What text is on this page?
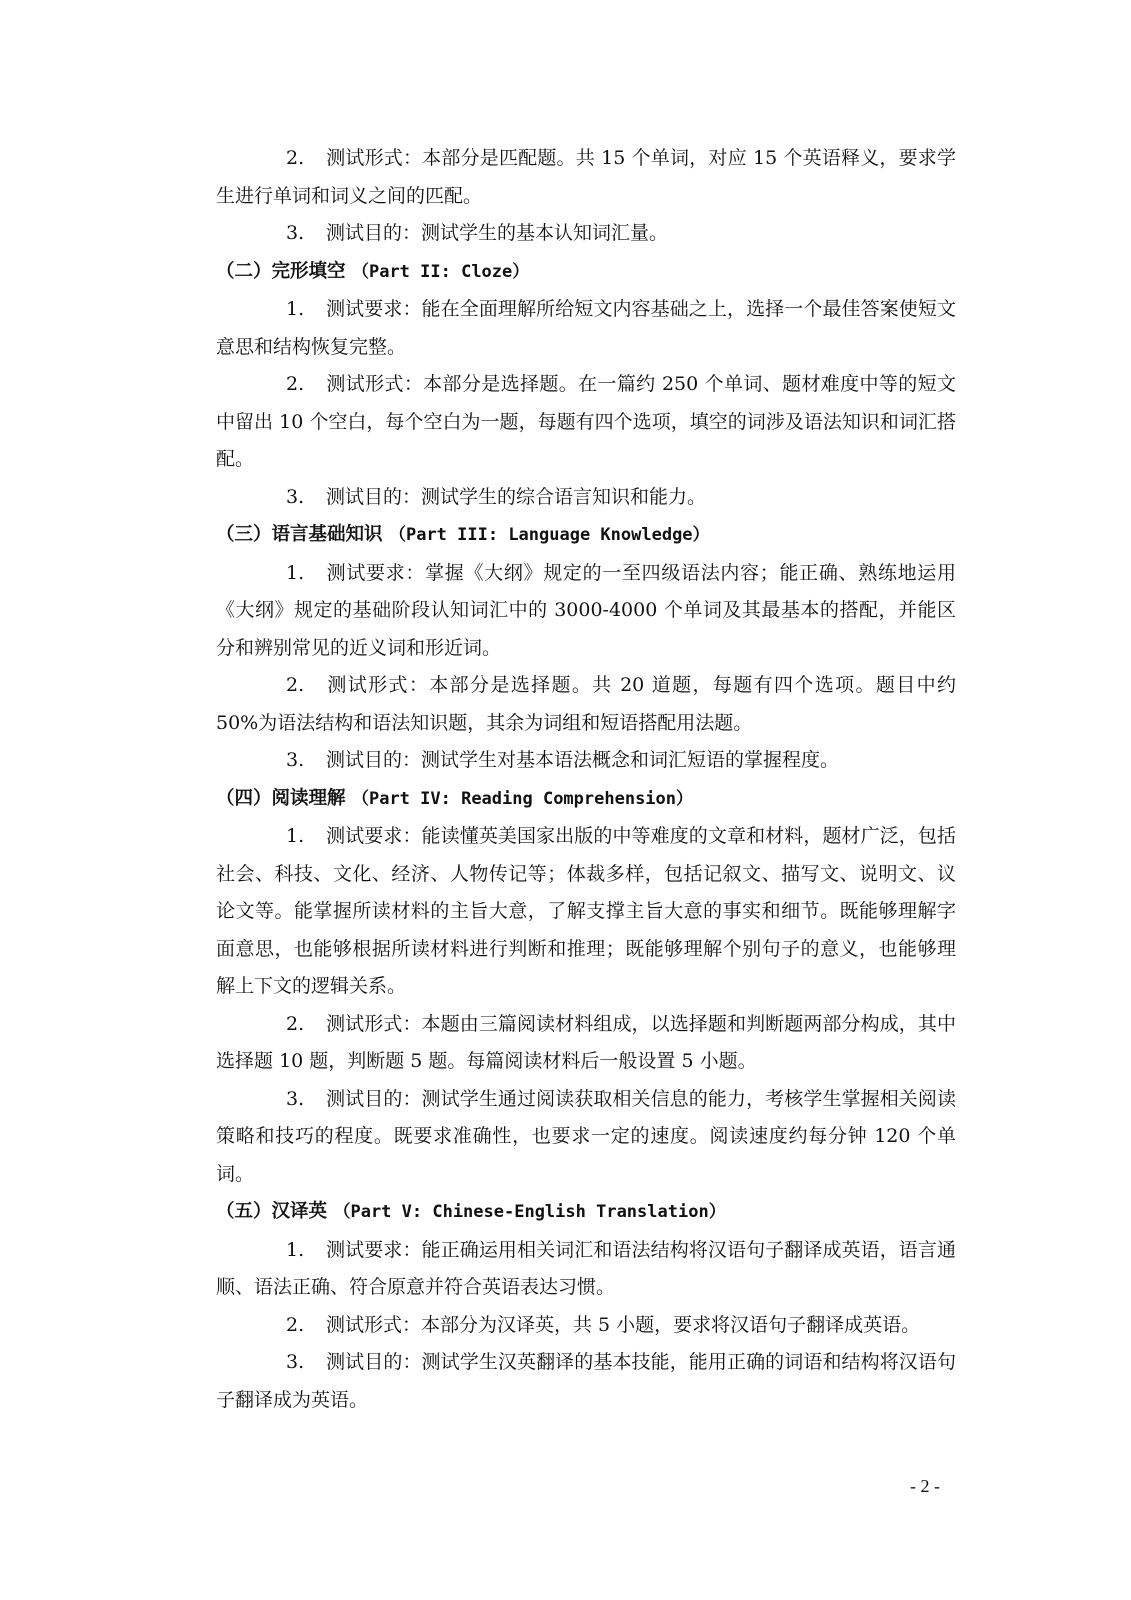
2. 测试形式：本部分是匹配题。共 15 个单词，对应 15 个英语释义，要求学生进行单词和词义之间的匹配。

3. 测试目的：测试学生的基本认知词汇量。

（二）完形填空 （Part II: Cloze）

1. 测试要求：能在全面理解所给短文内容基础之上，选择一个最佳答案使短文意思和结构恢复完整。

2. 测试形式：本部分是选择题。在一篇约 250 个单词、题材难度中等的短文中留出 10 个空白，每个空白为一题，每题有四个选项，填空的词涉及语法知识和词汇搭配。

3. 测试目的：测试学生的综合语言知识和能力。

（三）语言基础知识 （Part III: Language Knowledge）

1. 测试要求：掌握《大纲》规定的一至四级语法内容；能正确、熟练地运用《大纲》规定的基础阶段认知词汇中的 3000-4000 个单词及其最基本的搭配，并能区分和辨别常见的近义词和形近词。

2. 测试形式：本部分是选择题。共 20 道题，每题有四个选项。题目中约 50%为语法结构和语法知识题，其余为词组和短语搭配用法题。

3. 测试目的：测试学生对基本语法概念和词汇短语的掌握程度。

（四）阅读理解 （Part IV: Reading Comprehension）

1. 测试要求：能读懂英美国家出版的中等难度的文章和材料，题材广泛，包括社会、科技、文化、经济、人物传记等；体裁多样，包括记叙文、描写文、说明文、议论文等。能掌握所读材料的主旨大意，了解支撑主旨大意的事实和细节。既能够理解字面意思，也能够根据所读材料进行判断和推理；既能够理解个别句子的意义，也能够理解上下文的逻辑关系。

2. 测试形式：本题由三篇阅读材料组成，以选择题和判断题两部分构成，其中选择题 10 题，判断题 5 题。每篇阅读材料后一般设置 5 小题。

3. 测试目的：测试学生通过阅读获取相关信息的能力，考核学生掌握相关阅读策略和技巧的程度。既要求准确性，也要求一定的速度。阅读速度约每分钟 120 个单词。

（五）汉译英 （Part V: Chinese-English Translation）

1. 测试要求：能正确运用相关词汇和语法结构将汉语句子翻译成英语，语言通顺、语法正确、符合原意并符合英语表达习惯。

2. 测试形式：本部分为汉译英，共 5 小题，要求将汉语句子翻译成英语。

3. 测试目的：测试学生汉英翻译的基本技能，能用正确的词语和结构将汉语句子翻译成为英语。

- 2 -
